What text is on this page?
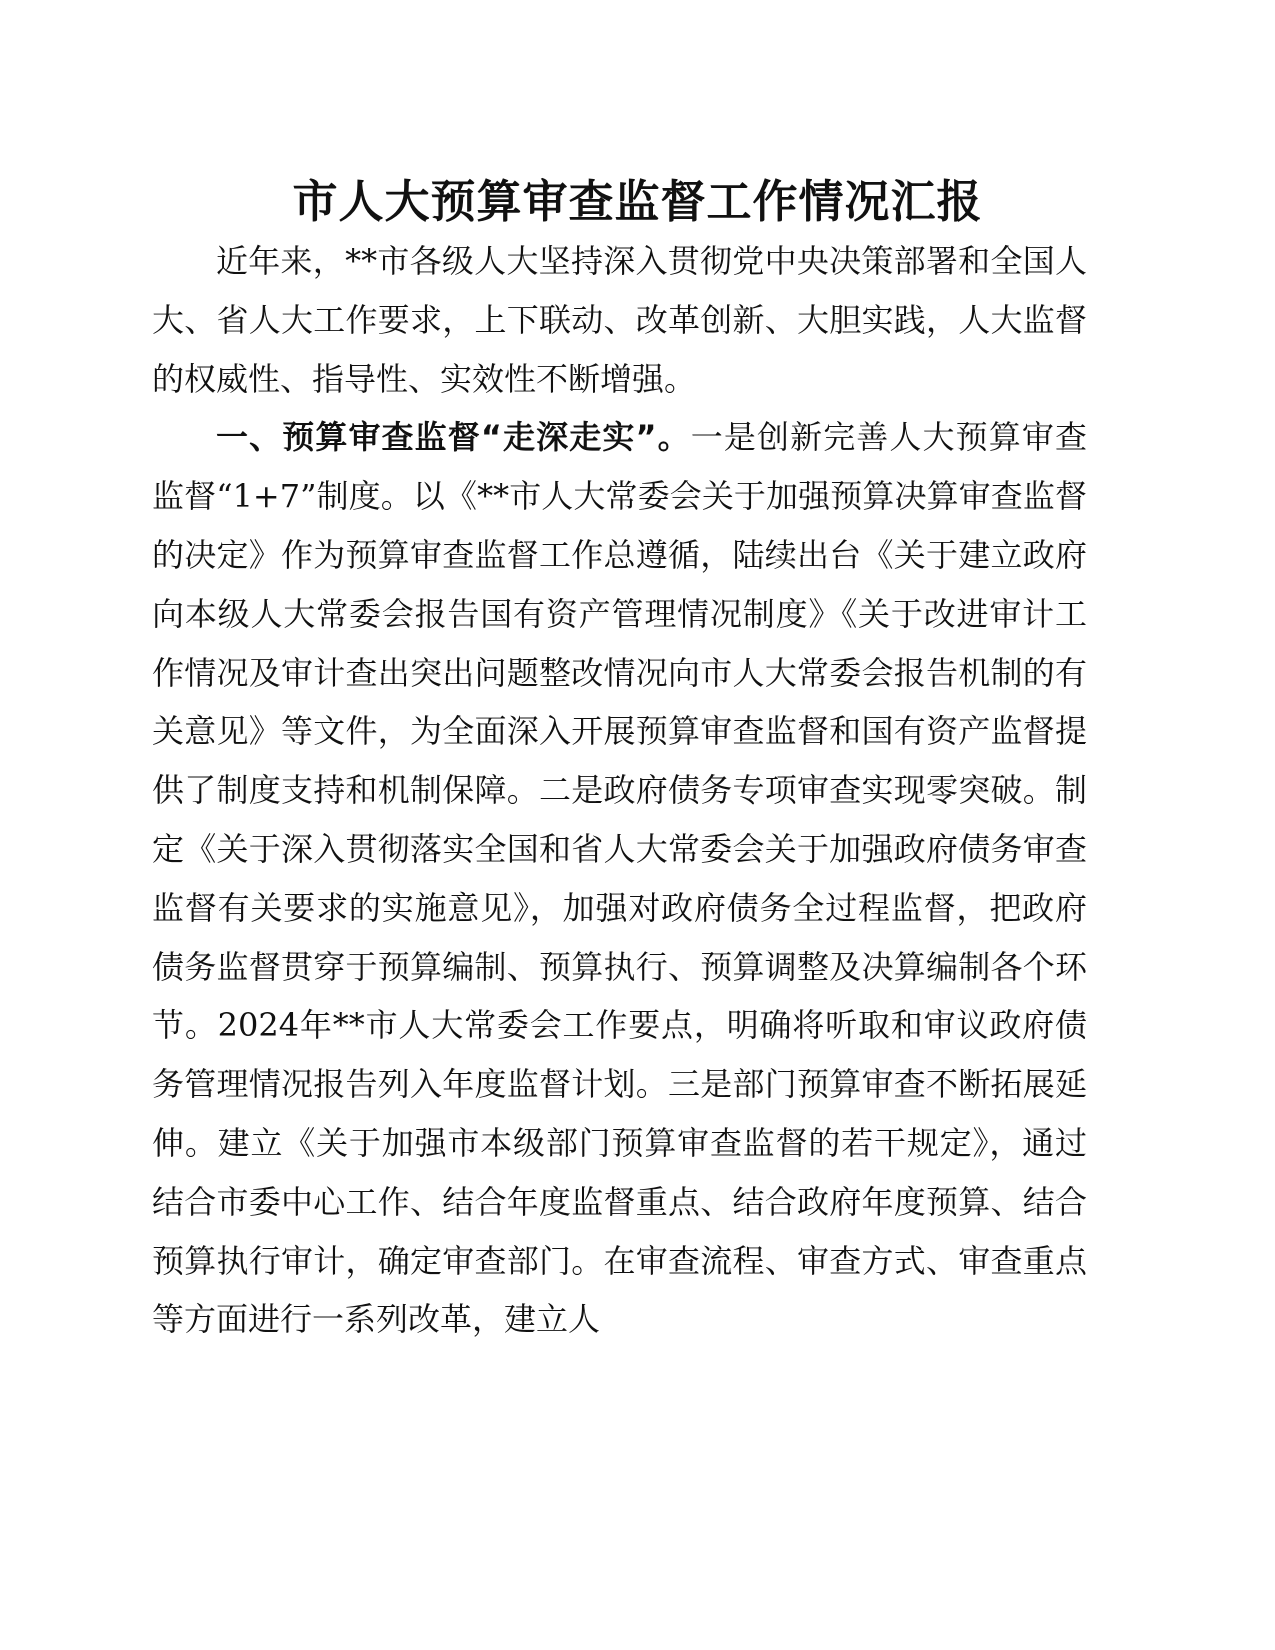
市人大预算审查监督工作情况汇报

近年来，**市各级人大坚持深入贯彻党中央决策部署和全国人大、省人大工作要求，上下联动、改革创新、大胆实践，人大监督的权威性、指导性、实效性不断增强。

一、预算审查监督“走深走实”。一是创新完善人大预算审查监督“1+7”制度。以《**市人大常委会关于加强预算决算审查监督的决定》作为预算审查监督工作总遵循，陆续出台《关于建立政府向本级人大常委会报告国有资产管理情况制度》《关于改进审计工作情况及审计查出突出问题整改情况向市人大常委会报告机制的有关意见》等文件，为全面深入开展预算审查监督和国有资产监督提供了制度支持和机制保障。二是政府债务专项审查实现零突破。制定《关于深入贯彻落实全国和省人大常委会关于加强政府债务审查监督有关要求的实施意见》，加强对政府债务全过程监督，把政府债务监督贯穿于预算编制、预算执行、预算调整及决算编制各个环节。2024年**市人大常委会工作要点，明确将听取和审议政府债务管理情况报告列入年度监督计划。三是部门预算审查不断拓展延伸。建立《关于加强市本级部门预算审查监督的若干规定》，通过结合市委中心工作、结合年度监督重点、结合政府年度预算、结合预算执行审计，确定审查部门。在审查流程、审查方式、审查重点等方面进行一系列改革，建立人
